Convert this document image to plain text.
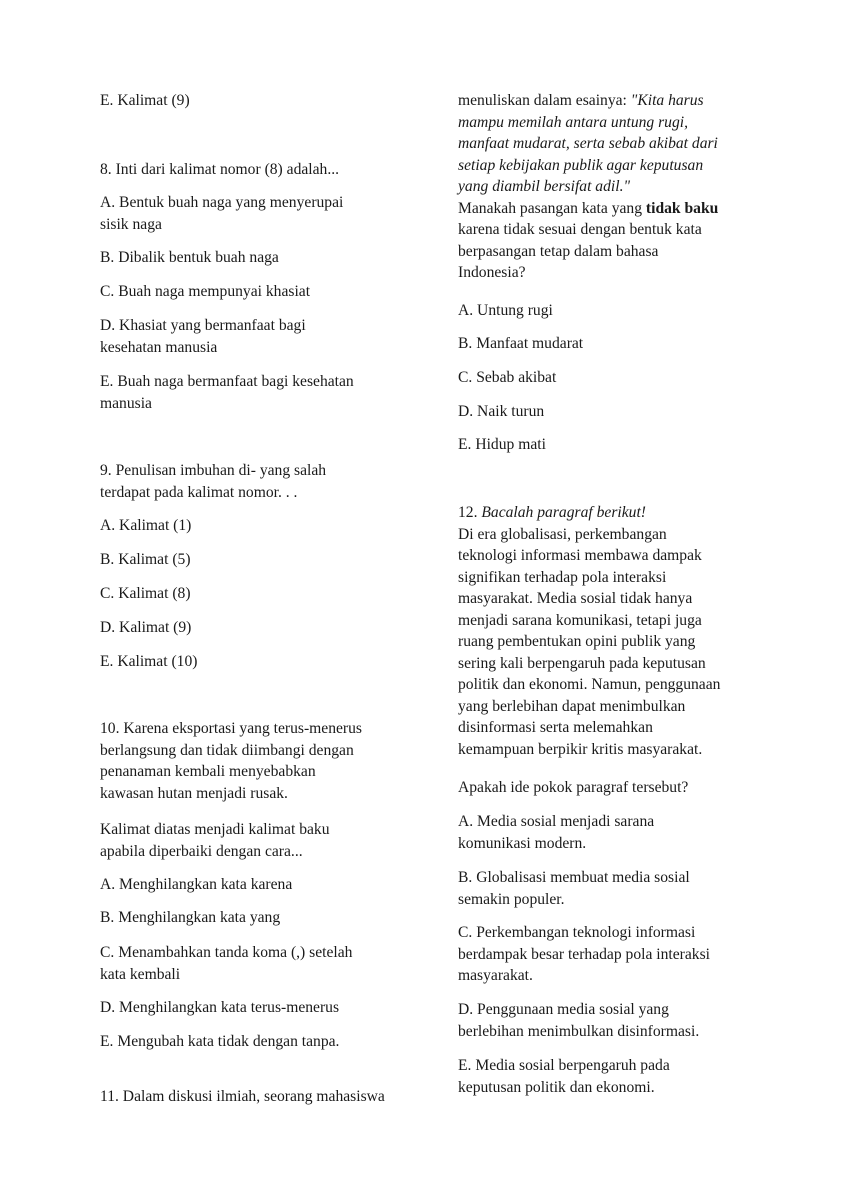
E. Kalimat (9)

8. Inti dari kalimat nomor (8) adalah...

A. Bentuk buah naga yang menyerupai
sisik naga

B. Dibalik bentuk buah naga

C. Buah naga mempunyai khasiat

D. Khasiat yang bermanfaat bagi
kesehatan manusia

E. Buah naga bermanfaat bagi kesehatan
manusia

9. Penulisan imbuhan di- yang salah
terdapat pada kalimat nomor. . .

A. Kalimat (1)

B. Kalimat (5)

C. Kalimat (8)

D. Kalimat (9)

E. Kalimat (10)

10. Karena eksportasi yang terus-menerus
berlangsung dan tidak diimbangi dengan
penanaman kembali menyebabkan
kawasan hutan menjadi rusak.

Kalimat diatas menjadi kalimat baku
apabila diperbaiki dengan cara...

A. Menghilangkan kata karena

B. Menghilangkan kata yang

C. Menambahkan tanda koma (,) setelah
kata kembali

D. Menghilangkan kata terus-menerus

E. Mengubah kata tidak dengan tanpa.

11. Dalam diskusi ilmiah, seorang mahasiswa

menuliskan dalam esainya: "Kita harus
mampu memilah antara untung rugi,
manfaat mudarat, serta sebab akibat dari
setiap kebijakan publik agar keputusan
yang diambil bersifat adil."
Manakah pasangan kata yang tidak baku
karena tidak sesuai dengan bentuk kata
berpasangan tetap dalam bahasa
Indonesia?

A. Untung rugi

B. Manfaat mudarat

C. Sebab akibat

D. Naik turun

E. Hidup mati

12. Bacalah paragraf berikut!
Di era globalisasi, perkembangan
teknologi informasi membawa dampak
signifikan terhadap pola interaksi
masyarakat. Media sosial tidak hanya
menjadi sarana komunikasi, tetapi juga
ruang pembentukan opini publik yang
sering kali berpengaruh pada keputusan
politik dan ekonomi. Namun, penggunaan
yang berlebihan dapat menimbulkan
disinformasi serta melemahkan
kemampuan berpikir kritis masyarakat.

Apakah ide pokok paragraf tersebut?

A. Media sosial menjadi sarana
komunikasi modern.

B. Globalisasi membuat media sosial
semakin populer.

C. Perkembangan teknologi informasi
berdampak besar terhadap pola interaksi
masyarakat.

D. Penggunaan media sosial yang
berlebihan menimbulkan disinformasi.

E. Media sosial berpengaruh pada
keputusan politik dan ekonomi.
